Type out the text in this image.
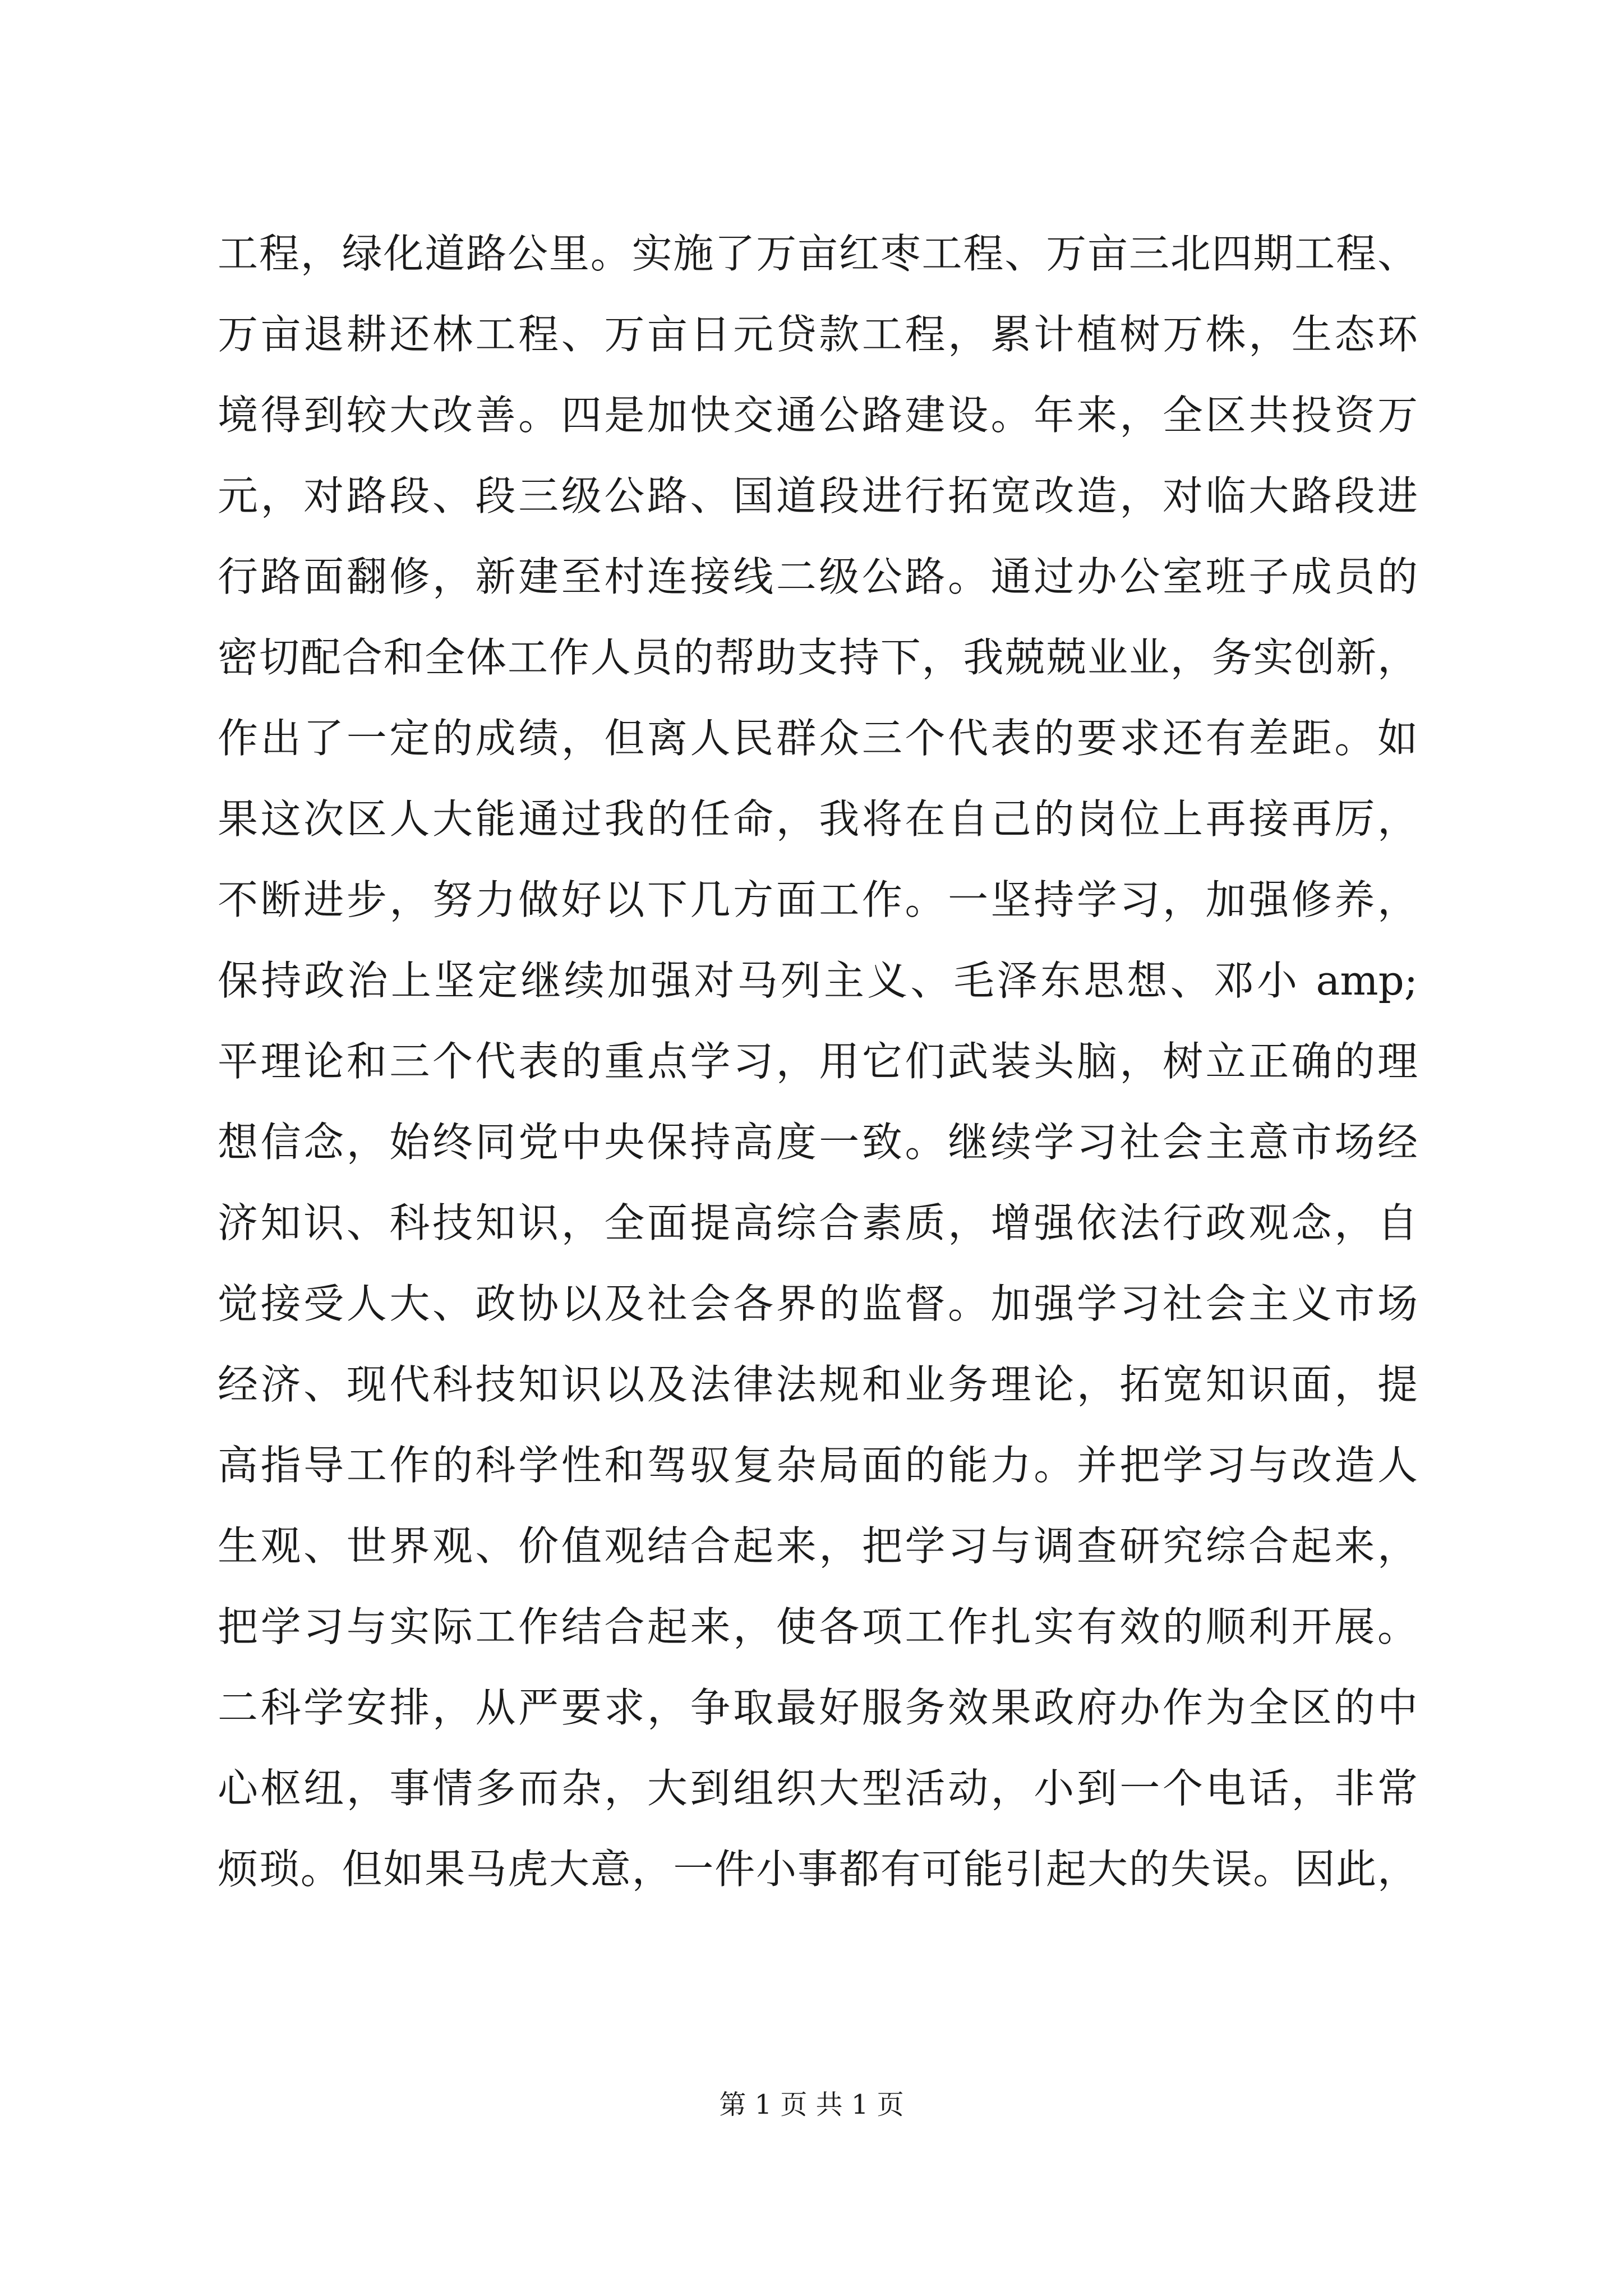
工程，绿化道路公里。实施了万亩红枣工程、万亩三北四期工程、
万亩退耕还林工程、万亩日元贷款工程，累计植树万株，生态环
境得到较大改善。四是加快交通公路建设。年来，全区共投资万
元，对路段、段三级公路、国道段进行拓宽改造，对临大路段进
行路面翻修，新建至村连接线二级公路。通过办公室班子成员的
密切配合和全体工作人员的帮助支持下，我兢兢业业，务实创新，
作出了一定的成绩，但离人民群众三个代表的要求还有差距。如
果这次区人大能通过我的任命，我将在自己的岗位上再接再厉，
不断进步，努力做好以下几方面工作。一坚持学习，加强修养，
保持政治上坚定继续加强对马列主义、毛泽东思想、邓小 amp;
平理论和三个代表的重点学习，用它们武装头脑，树立正确的理
想信念，始终同党中央保持高度一致。继续学习社会主意市场经
济知识、科技知识，全面提高综合素质，增强依法行政观念，自
觉接受人大、政协以及社会各界的监督。加强学习社会主义市场
经济、现代科技知识以及法律法规和业务理论，拓宽知识面，提
高指导工作的科学性和驾驭复杂局面的能力。并把学习与改造人
生观、世界观、价值观结合起来，把学习与调查研究综合起来，
把学习与实际工作结合起来，使各项工作扎实有效的顺利开展。
二科学安排，从严要求，争取最好服务效果政府办作为全区的中
心枢纽，事情多而杂，大到组织大型活动，小到一个电话，非常
烦琐。但如果马虎大意，一件小事都有可能引起大的失误。因此，
第 1 页 共 1 页
